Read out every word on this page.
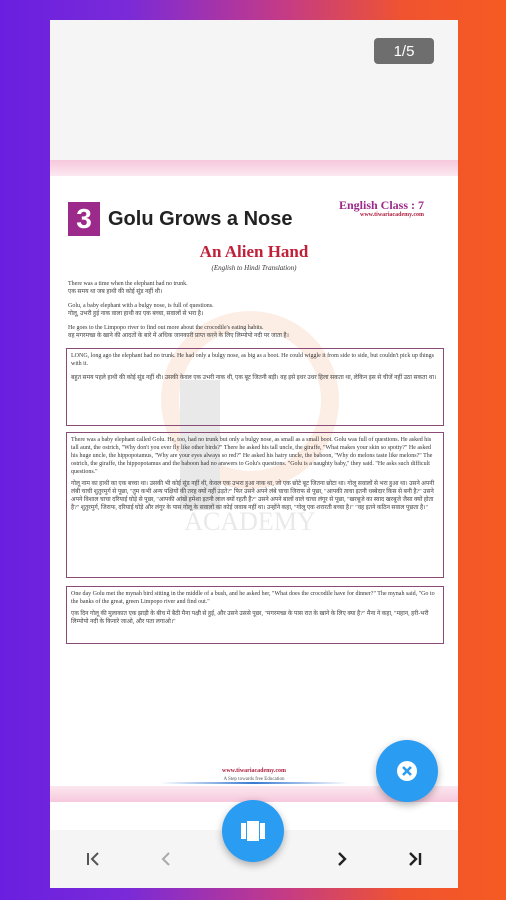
1/5
English Class : 7
www.tiwariacademy.com
3 Golu Grows a Nose
An Alien Hand
(English to Hindi Translation)
ACADEMY
There was a time when the elephant had no trunk.
एक समय था जब हाथी की कोई सूंड नहीं थी।
Golu, a baby elephant with a bulgy nose, is full of questions.
गोलू, उभरी हुई नाक वाला हाथी का एक बच्चा, सवालों से भरा है।
He goes to the Limpopo river to find out more about the crocodile's eating habits.
वह मगरमच्छ के खाने की आदतों के बारे में अधिक जानकारी प्राप्त करने के लिए लिम्पोपो नदी पर जाता है।
LONG, long ago the elephant had no trunk. He had only a bulgy nose, as big as a boot. He could wiggle it from side to side, but couldn't pick up things with it.
बहुत समय पहले हाथी की कोई सूंड नहीं थी। उसकी केवल एक उभरी नाक थी, एक बूट जितनी बड़ी। वह इसे इधर उधर हिला सकता था, लेकिन इस से चीजें नहीं उठा सकता था।
There was a baby elephant called Golu. He, too, had no trunk but only a bulgy nose, as small as a small boot. Golu was full of questions. He asked his tall aunt, the ostrich, "Why don't you ever fly like other birds?" There he asked his tall uncle, the giraffe, "What makes your skin so spotty?" He asked his huge uncle, the hippopotamus, "Why are your eyes always so red?" He asked his hairy uncle, the baboon, "Why do melons taste like melons?" The ostrich, the giraffe, the hippopotamus and the baboon had no answers to Golu's questions. "Golu is a naughty baby," they said. "He asks such difficult questions."
गोलू नाम का हाथी का एक बच्चा था। उसकी भी कोई सूंड नहीं थी, केवल एक उभरा हुआ नाक था, जो एक छोटे बूट जितना छोटा था। गोलू सवालों से भरा हुआ था। उसने अपनी लंबी चाची शुतुरमुर्ग से पूछा, "तुम कभी अन्य पक्षियों की तरह क्यों नहीं उड़ते?" फिर उसने अपने लंबे चाचा जिराफ से पूछा, "आपकी त्वचा इतनी धब्बेदार किस से बनी है?" उसने अपने विशाल चाचा दरियाई घोड़े से पूछा, "आपकी आंखें हमेशा इतनी लाल क्यों रहती हैं?" उसने अपने बालों वाले चाचा लंगूर से पूछा, "खरबूजे का स्वाद खरबूजे जैसा क्यों होता है?" शुतुरमुर्ग, जिराफ, दरियाई घोड़े और लंगूर के पास गोलू के सवालों का कोई जवाब नहीं था। उन्होंने कहा, "गोलू एक शरारती बच्चा है।" "वह इतने कठिन सवाल पूछता है।"
One day Golu met the mynah bird sitting in the middle of a bush, and he asked her, "What does the crocodile have for dinner?" The mynah said, "Go to the banks of the great, green Limpopo river and find out."
एक दिन गोलू की मुलाकात एक झाड़ी के बीच में बैठी मैना पक्षी से हुई, और उसने उससे पूछा, "मगरमच्छ के पास रात के खाने के लिए क्या है?" मैना ने कहा, "महान, हरी-भरी लिम्पोपो नदी के किनारे जाओ, और पता लगाओ।"
www.tiwariacademy.com
A Step towards free Education
